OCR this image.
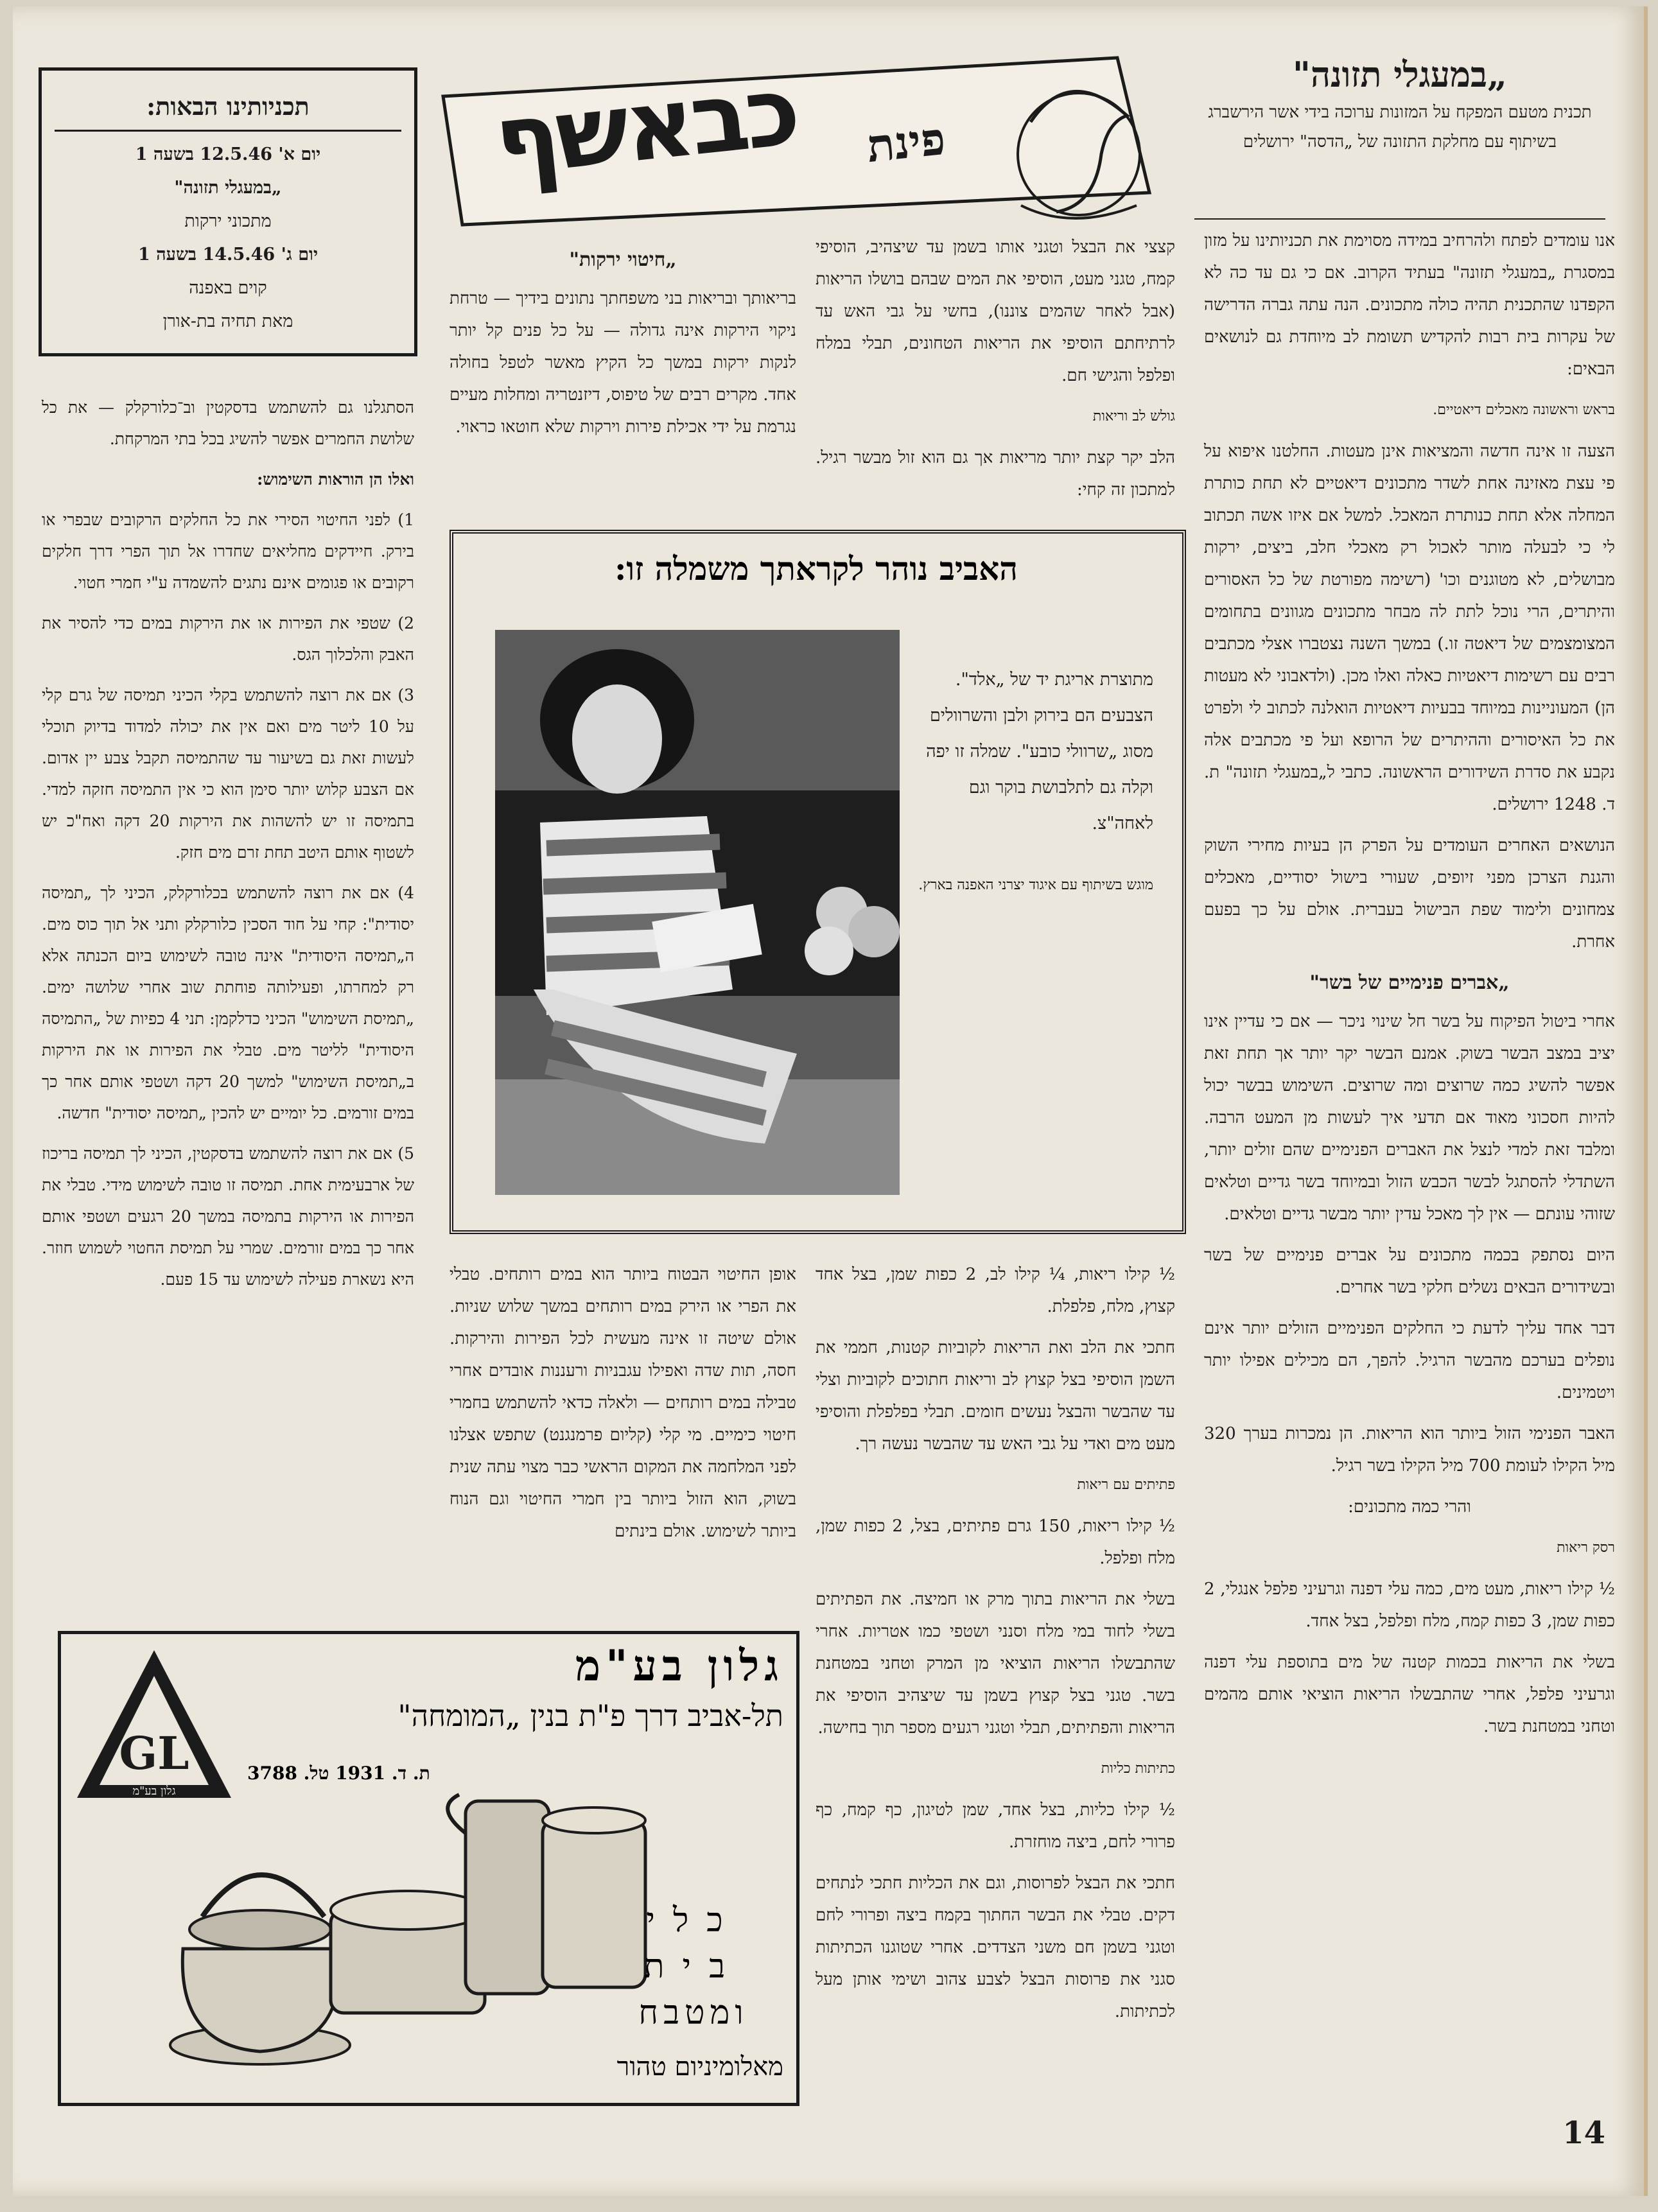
פינת
כבאשף	„במעגלי תזונה"
תכנית מטעם המפקח על המזונות ערוכה בידי אשר הירשברג בשיתוף עם מחלקת התזונה של „הדסה" ירושלים
תכניותינו הבאות:
יום א' 12.5.46 בשעה 1
„במעגלי תזונה"
מתכוני ירקות
יום ג' 14.5.46 בשעה 1
קוים באפנה
מאת תחיה בת-אורן

אנו עומדים לפתח ולהרחיב במידה מסוימת את תכניותינו על מזון במסגרת „במעגלי תזונה" בעתיד הקרוב. אם כי גם עד כה לא הקפדנו שהתכנית תהיה כולה מתכונים. הנה עתה גברה הדרישה של עקרות בית רבות להקדיש תשומת לב מיוחדת גם לנושאים הבאים:

בראש וראשונה מאכלים דיאטיים.

הצעה זו אינה חדשה והמציאות אינן מעטות. החלטנו איפוא על פי עצת מאזינה אחת לשדר מתכונים דיאטיים לא תחת כותרת המחלה אלא תחת כנותרת המאכל. למשל אם איזו אשה תכתוב לי כי לבעלה מותר לאכול רק מאכלי חלב, ביצים, ירקות מבושלים, לא מטוגנים וכו' (רשימה מפורטת של כל האסורים והיתרים, הרי נוכל לתת לה מבחר מתכונים מגוונים בתחומים המצומצמים של דיאטה זו.) במשך השנה נצטברו אצלי מכתבים רבים עם רשימות דיאטיות כאלה ואלו מכן. (ולדאבוני לא מעטות הן) המעוניינות במיוחד בבעיות דיאטיות הואלנה לכתוב לי ולפרט את כל האיסורים וההיתרים של הרופא ועל פי מכתבים אלה נקבע את סדרת השידורים הראשונה. כתבי ל„במעגלי תזונה" ת. ד. 1248 ירושלים.

הנושאים האחרים העומדים על הפרק הן בעיות מחירי השוק והגנת הצרכן מפני זיופים, שעורי בישול יסודיים, מאכלים צמחונים ולימוד שפת הבישול בעברית. אולם על כך בפעם אחרת.

„אברים פנימיים של בשר"

אחרי ביטול הפיקוח על בשר חל שינוי ניכר — אם כי עדיין אינו יציב במצב הבשר בשוק. אמנם הבשר יקר יותר אך תחת זאת אפשר להשיג כמה שרוצים ומה שרוצים. השימוש בבשר יכול להיות חסכוני מאוד אם תדעי איך לעשות מן המעט הרבה. ומלבד זאת למדי לנצל את האברים הפנימיים שהם זולים יותר, השתדלי להסתגל לבשר הכבש הזול ובמיוחד בשר גדיים וטלאים שזוהי עונתם — אין לך מאכל עדין יותר מבשר גדיים וטלאים.

היום נסתפק בכמה מתכונים על אברים פנימיים של בשר ובשידורים הבאים נשלים חלקי בשר אחרים.

דבר אחד עליך לדעת כי החלקים הפנימיים הזולים יותר אינם נופלים בערכם מהבשר הרגיל. להפך, הם מכילים אפילו יותר ויטמינים.

האבר הפנימי הזול ביותר הוא הריאות. הן נמכרות בערך 320 מיל הקילו לעומת 700 מיל הקילו בשר רגיל.

והרי כמה מתכונים:

רסק ריאות

½ קילו ריאות, מעט מים, כמה עלי דפנה וגרעיני פלפל אנגלי, 2 כפות שמן, 3 כפות קמח, מלח ופלפל, בצל אחד.

בשלי את הריאות בכמות קטנה של מים בתוספת עלי דפנה וגרעיני פלפל, אחרי שהתבשלו הריאות הוציאי אותם מהמים וטחני במטחנת בשר.

קצצי את הבצל וטגני אותו בשמן עד שיצהיב, הוסיפי קמח, טגני מעט, הוסיפי את המים שבהם בושלו הריאות (אבל לאחר שהמים צוננו), בחשי על גבי האש עד לרתיחתם הוסיפי את הריאות הטחונים, תבלי במלח ופלפל והגישי חם.

גולש לב וריאות

הלב יקר קצת יותר מריאות אך גם הוא זול מבשר רגיל. למתכון זה קחי:

„חיטוי ירקות"

בריאותך ובריאות בני משפחתך נתונים בידיך — טרחת ניקוי הירקות אינה גדולה — על כל פנים קל יותר לנקות ירקות במשך כל הקיץ מאשר לטפל בחולה אחד. מקרים רבים של טיפוס, דיזנטריה ומחלות מעיים נגרמת על ידי אכילת פירות וירקות שלא חוטאו כראוי.

הסתגלנו גם להשתמש בדסקטין וב־כלורקלק — את כל שלושת החמרים אפשר להשיג בכל בתי המרקחת.

ואלו הן הוראות השימוש:

1) לפני החיטוי הסירי את כל החלקים הרקובים שבפרי או בירק. חיידקים מחליאים שחדרו אל תוך הפרי דרך חלקים רקובים או פגומים אינם נתגים להשמדה ע"י חמרי חטוי.

2) שטפי את הפירות או את הירקות במים כדי להסיר את האבק והלכלוך הגס.

3) אם את רוצה להשתמש בקלי הכיני תמיסה של גרם קלי על 10 ליטר מים ואם אין את יכולה למדוד בדיוק תוכלי לעשות זאת גם בשיעור עד שהתמיסה תקבל צבע יין אדום. אם הצבע קלוש יותר סימן הוא כי אין התמיסה חזקה למדי. בתמיסה זו יש להשהות את הירקות 20 דקה ואח"כ יש לשטוף אותם היטב תחת זרם מים חזק.

4) אם את רוצה להשתמש בכלורקלק, הכיני לך „תמיסה יסודית": קחי על חוד הסכין כלורקלק ותני אל תוך כוס מים. ה„תמיסה היסודית" אינה טובה לשימוש ביום הכנתה אלא רק למחרתו, ופעילותה פוחתת שוב אחרי שלושה ימים. „תמיסת השימוש" הכיני כדלקמן: תני 4 כפיות של „התמיסה היסודית" לליטר מים. טבלי את הפירות או את הירקות ב„תמיסת השימוש" למשך 20 דקה ושטפי אותם אחר כך במים זורמים. כל יומיים יש להכין „תמיסה יסודית" חדשה.

5) אם את רוצה להשתמש בדסקטין, הכיני לך תמיסה בריכוז של ארבעימית אחת. תמיסה זו טובה לשימוש מידי. טבלי את הפירות או הירקות בתמיסה במשך 20 רגעים ושטפי אותם אחר כך במים זורמים. שמרי על תמיסת החטוי לשמוש חוזר. היא נשארת פעילה לשימוש עד 15 פעם.

האביב נוהר לקראתך משמלה זו:

מתוצרת אריגת יד של „אלד". הצבעים הם בירוק ולבן והשרוולים מסוג „שרוולי כובע". שמלה זו יפה וקלה גם לתלבושת בוקר וגם לאחה"צ.

מוגש בשיתוף עם איגוד יצרני האפנה בארץ.

½ קילו ריאות, ¼ קילו לב, 2 כפות שמן, בצל אחד קצוץ, מלח, פלפלת.

חתכי את הלב ואת הריאות לקוביות קטנות, חממי את השמן הוסיפי בצל קצוץ לב וריאות חתוכים לקוביות וצלי עד שהבשר והבצל נעשים חומים. תבלי בפלפלת והוסיפי מעט מים ואדי על גבי האש עד שהבשר נעשה רך.

פתיתים עם ריאות

½ קילו ריאות, 150 גרם פתיתים, בצל, 2 כפות שמן, מלח ופלפל.

בשלי את הריאות בתוך מרק או חמיצה. את הפתיתים בשלי לחוד במי מלח וסנני ושטפי כמו אטריות. אחרי שהתבשלו הריאות הוציאי מן המרק וטחני במטחנת בשר. טגני בצל קצוץ בשמן עד שיצהיב הוסיפי את הריאות והפתיתים, תבלי וטגני רגעים מספר תוך בחישה.

כתיתות כליות

½ קילו כליות, בצל אחד, שמן לטיגון, כף קמח, כף פרורי לחם, ביצה מוחזרת.

חתכי את הבצל לפרוסות, וגם את הכליות חתכי לנתחים דקים. טבלי את הבשר החתוך בקמח ביצה ופרורי לחם וטגני בשמן חם משני הצדדים. אחרי שטוגנו הכתיתות סגני את פרוסות הבצל לצבע צהוב ושימי אותן מעל לכתיתות.

אופן החיטוי הבטוח ביותר הוא במים רותחים. טבלי את הפרי או הירק במים רותחים במשך שלוש שניות. אולם שיטה זו אינה מעשית לכל הפירות והירקות. חסה, תות שדה ואפילו עגבניות ורעננות אובדים אחרי טבילה במים רותחים — ולאלה כדאי להשתמש בחמרי חיטוי כימיים. מי קלי (קליום פרמנגנט) שתפש אצלנו לפני המלחמה את המקום הראשי כבר מצוי עתה שנית בשוק, הוא הזול ביותר בין חמרי החיטוי וגם הנוח ביותר לשימוש. אולם בינתים

גלון בע"מ
תל-אביב דרך פ"ת בנין „המומחה"
ת. ד. 1931 טל. 3788
GL
גלון בע"מ
כלי
בית
ומטבח
מאלומיניום טהור
14
